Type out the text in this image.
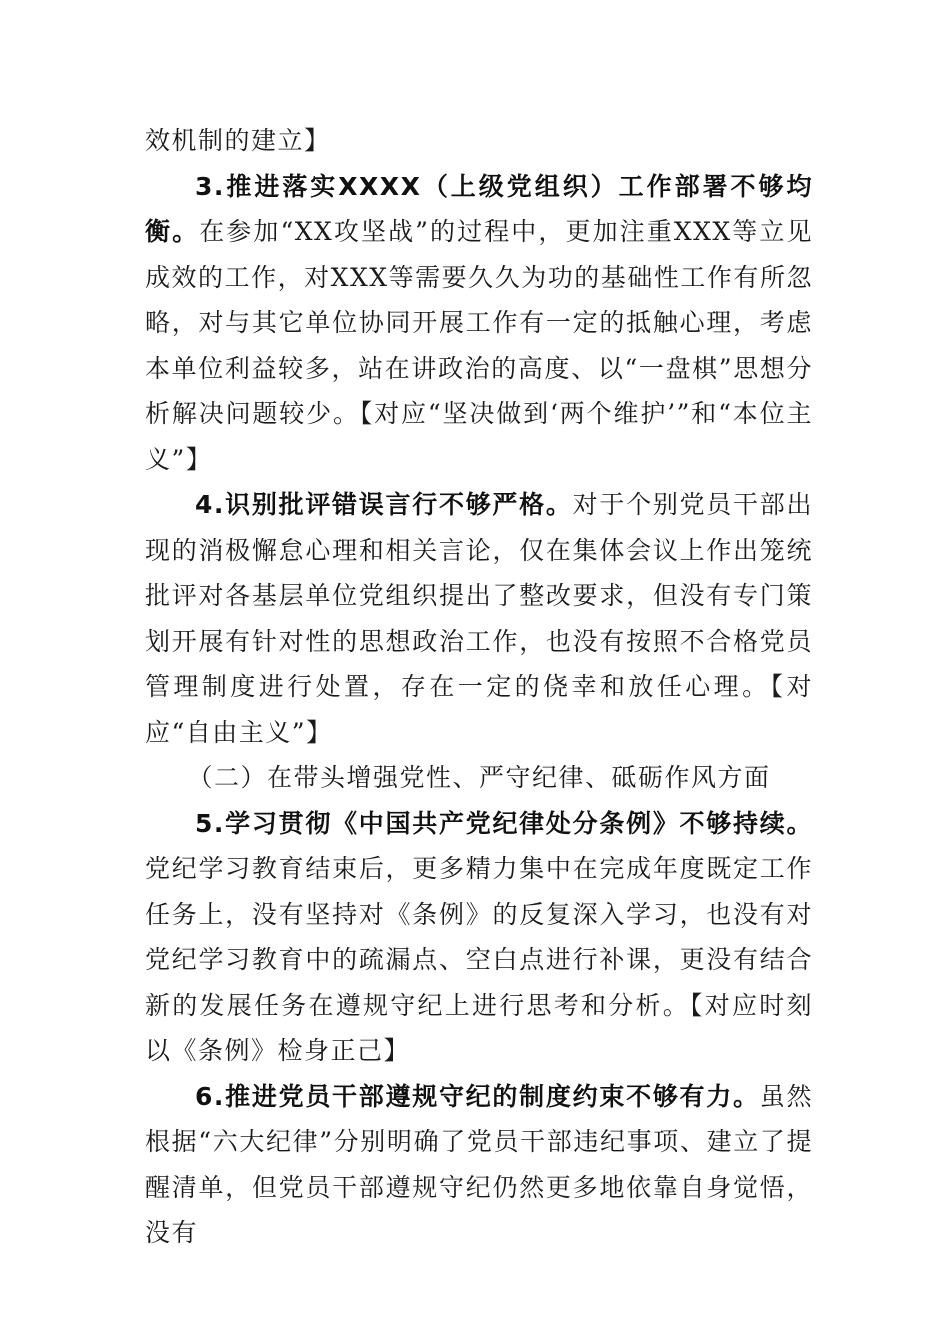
效机制的建立】

3.推进落实XXXX（上级党组织）工作部署不够均衡。在参加“XX攻坚战”的过程中，更加注重XXX等立见成效的工作，对XXX等需要久久为功的基础性工作有所忽略，对与其它单位协同开展工作有一定的抵触心理，考虑本单位利益较多，站在讲政治的高度、以“一盘棋”思想分析解决问题较少。【对应“坚决做到‘两个维护’”和“本位主义”】

4.识别批评错误言行不够严格。对于个别党员干部出现的消极懈怠心理和相关言论，仅在集体会议上作出笼统批评对各基层单位党组织提出了整改要求，但没有专门策划开展有针对性的思想政治工作，也没有按照不合格党员管理制度进行处置，存在一定的侥幸和放任心理。【对应“自由主义”】

（二）在带头增强党性、严守纪律、砥砺作风方面

5.学习贯彻《中国共产党纪律处分条例》不够持续。党纪学习教育结束后，更多精力集中在完成年度既定工作任务上，没有坚持对《条例》的反复深入学习，也没有对党纪学习教育中的疏漏点、空白点进行补课，更没有结合新的发展任务在遵规守纪上进行思考和分析。【对应时刻以《条例》检身正己】

6.推进党员干部遵规守纪的制度约束不够有力。虽然根据“六大纪律”分别明确了党员干部违纪事项、建立了提醒清单，但党员干部遵规守纪仍然更多地依靠自身觉悟，没有
